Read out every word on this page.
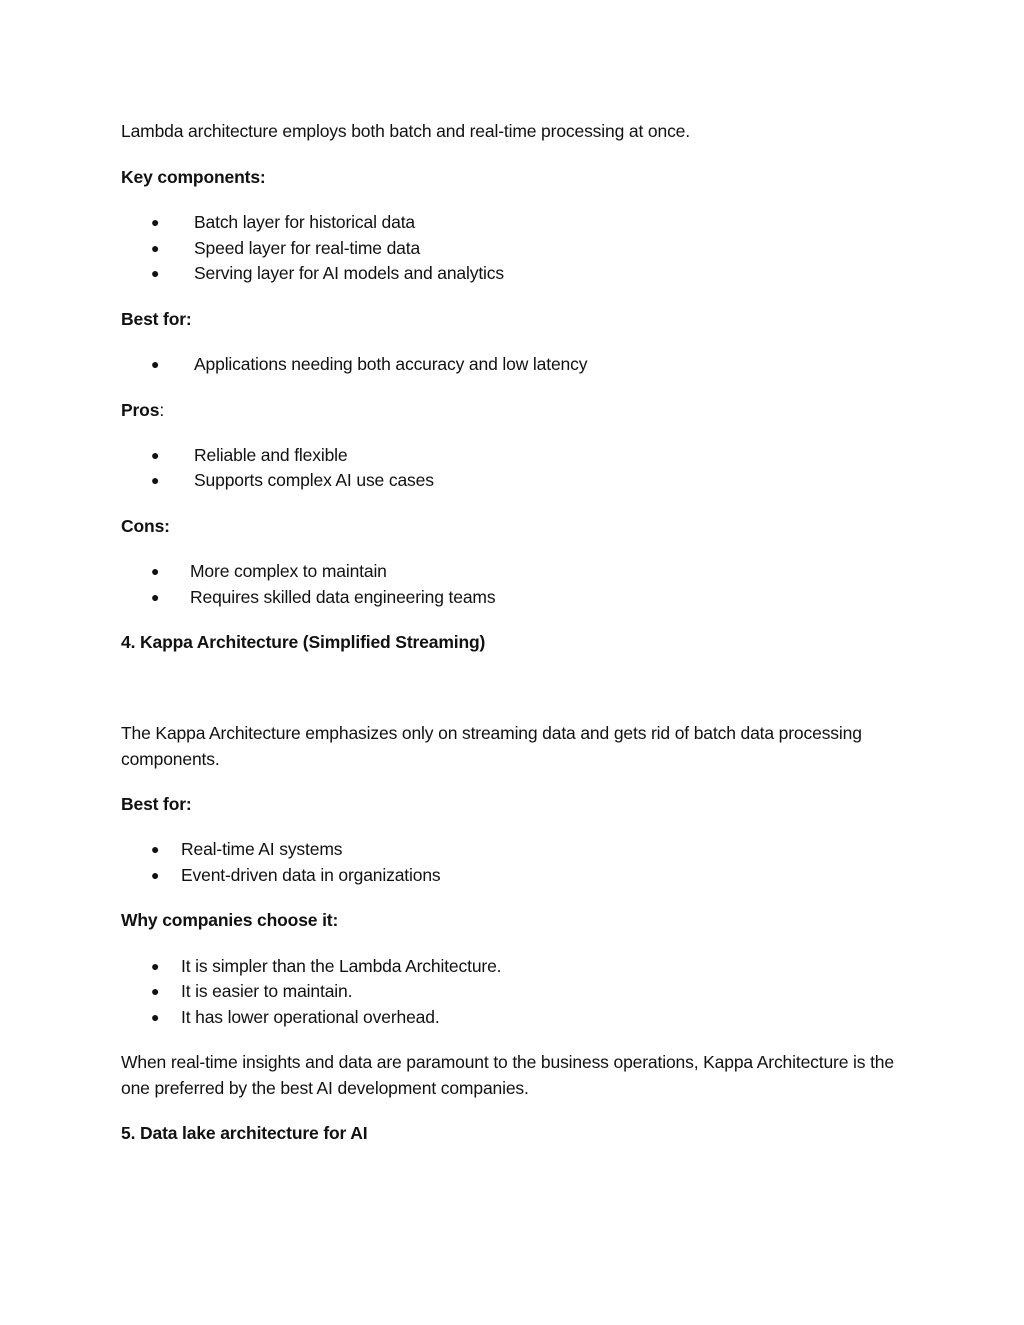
Lambda architecture employs both batch and real-time processing at once.
Key components:
● Batch layer for historical data
● Speed layer for real-time data
● Serving layer for AI models and analytics
Best for:
● Applications needing both accuracy and low latency
Pros:
● Reliable and flexible
● Supports complex AI use cases
Cons:
● More complex to maintain
● Requires skilled data engineering teams
4. Kappa Architecture (Simplified Streaming)
The Kappa Architecture emphasizes only on streaming data and gets rid of batch data processing components.
Best for:
● Real-time AI systems
● Event-driven data in organizations
Why companies choose it:
● It is simpler than the Lambda Architecture.
● It is easier to maintain.
● It has lower operational overhead.
When real-time insights and data are paramount to the business operations, Kappa Architecture is the one preferred by the best AI development companies.
5. Data lake architecture for AI
